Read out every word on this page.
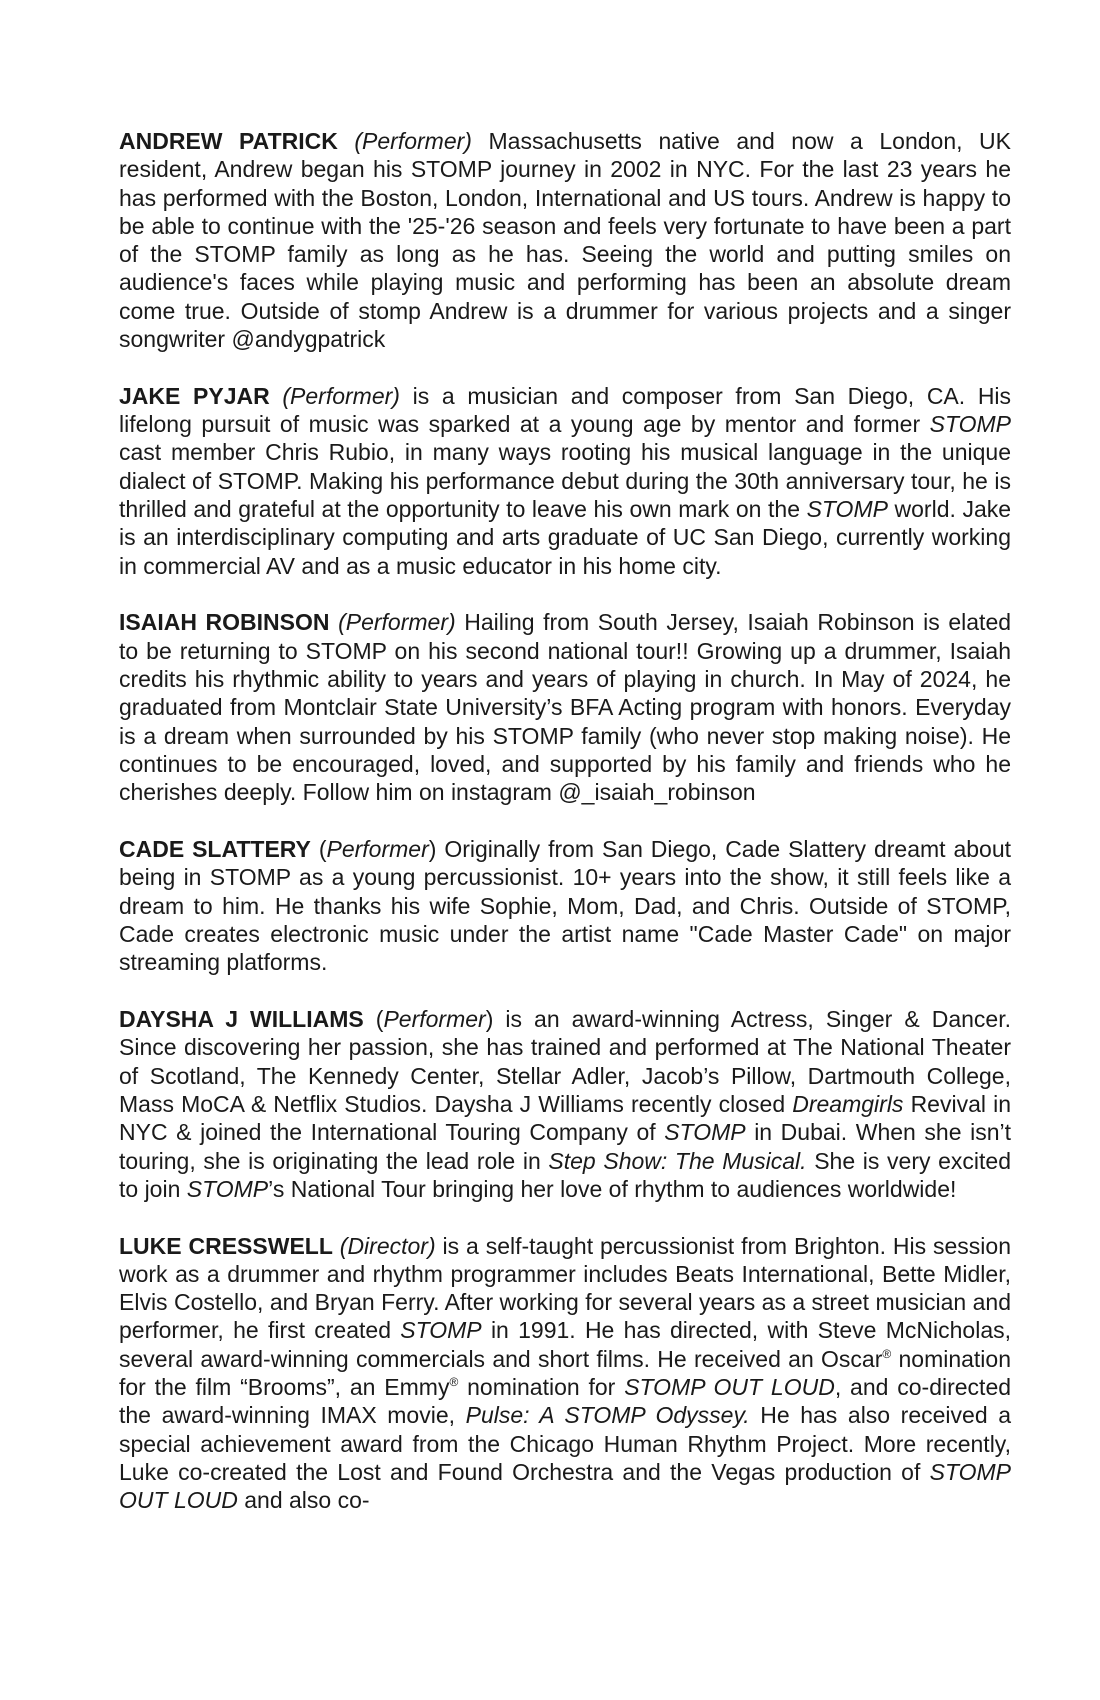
ANDREW PATRICK (Performer) Massachusetts native and now a London, UK resident, Andrew began his STOMP journey in 2002 in NYC. For the last 23 years he has performed with the Boston, London, International and US tours. Andrew is happy to be able to continue with the '25-'26 season and feels very fortunate to have been a part of the STOMP family as long as he has. Seeing the world and putting smiles on audience's faces while playing music and performing has been an absolute dream come true. Outside of stomp Andrew is a drummer for various projects and a singer songwriter @andygpatrick

JAKE PYJAR (Performer) is a musician and composer from San Diego, CA. His lifelong pursuit of music was sparked at a young age by mentor and former STOMP cast member Chris Rubio, in many ways rooting his musical language in the unique dialect of STOMP. Making his performance debut during the 30th anniversary tour, he is thrilled and grateful at the opportunity to leave his own mark on the STOMP world. Jake is an interdisciplinary computing and arts graduate of UC San Diego, currently working in commercial AV and as a music educator in his home city.

ISAIAH ROBINSON (Performer) Hailing from South Jersey, Isaiah Robinson is elated to be returning to STOMP on his second national tour!! Growing up a drummer, Isaiah credits his rhythmic ability to years and years of playing in church. In May of 2024, he graduated from Montclair State University’s BFA Acting program with honors. Everyday is a dream when surrounded by his STOMP family (who never stop making noise). He continues to be encouraged, loved, and supported by his family and friends who he cherishes deeply. Follow him on instagram @_isaiah_robinson

CADE SLATTERY (Performer) Originally from San Diego, Cade Slattery dreamt about being in STOMP as a young percussionist. 10+ years into the show, it still feels like a dream to him. He thanks his wife Sophie, Mom, Dad, and Chris. Outside of STOMP, Cade creates electronic music under the artist name "Cade Master Cade" on major streaming platforms.

DAYSHA J WILLIAMS (Performer) is an award-winning Actress, Singer & Dancer. Since discovering her passion, she has trained and performed at The National Theater of Scotland, The Kennedy Center, Stellar Adler, Jacob’s Pillow, Dartmouth College, Mass MoCA & Netflix Studios. Daysha J Williams recently closed Dreamgirls Revival in NYC & joined the International Touring Company of STOMP in Dubai. When she isn’t touring, she is originating the lead role in Step Show: The Musical. She is very excited to join STOMP’s National Tour bringing her love of rhythm to audiences worldwide!

LUKE CRESSWELL (Director) is a self-taught percussionist from Brighton. His session work as a drummer and rhythm programmer includes Beats International, Bette Midler, Elvis Costello, and Bryan Ferry. After working for several years as a street musician and performer, he first created STOMP in 1991. He has directed, with Steve McNicholas, several award-winning commercials and short films. He received an Oscar® nomination for the film “Brooms”, an Emmy® nomination for STOMP OUT LOUD, and co-directed the award-winning IMAX movie, Pulse: A STOMP Odyssey. He has also received a special achievement award from the Chicago Human Rhythm Project. More recently, Luke co-created the Lost and Found Orchestra and the Vegas production of STOMP OUT LOUD and also co-
